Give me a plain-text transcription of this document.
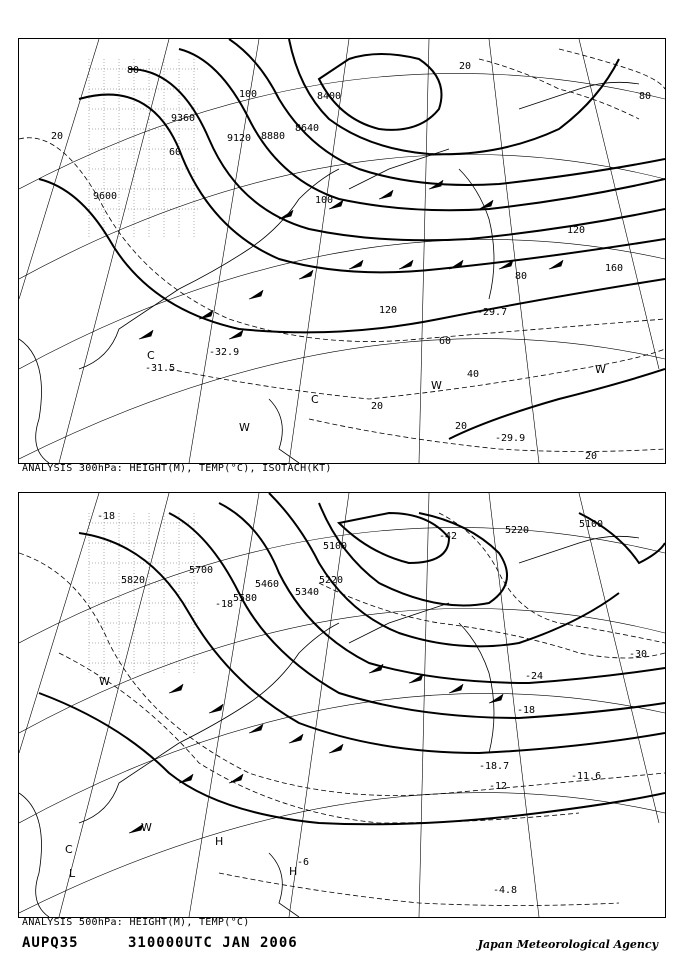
9360
9120 8880
8640
8400
9600
20
60
80
100
100
120
160
120
80
60
40
20
20
20
20
80
-29.7
-31.5
-32.9
-29.9
C
C
W
W
W
ANALYSIS 300hPa: HEIGHT(M), TEMP(°C), ISOTACH(KT)
5820
5700
5580
5460
5340
5220
5100
5100
5220
-18
-24
-30
-42
-18
-12
-6
-18
-18.7
-11.6
-4.8
W
C
L
H
H
W
ANALYSIS 500hPa: HEIGHT(M), TEMP(°C)
AUPQ35	310000UTC JAN 2006	Japan Meteorological Agency
